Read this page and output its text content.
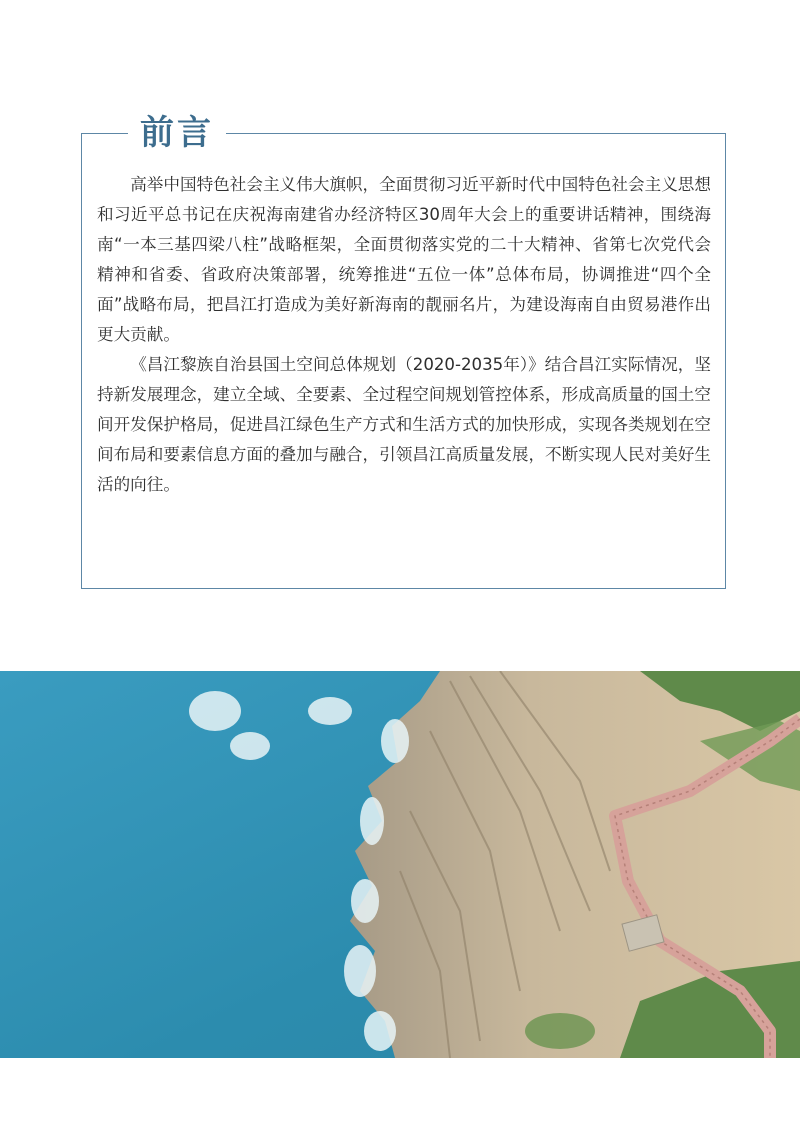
前言

高举中国特色社会主义伟大旗帜，全面贯彻习近平新时代中国特色社会主义思想和习近平总书记在庆祝海南建省办经济特区30周年大会上的重要讲话精神，围绕海南“一本三基四梁八柱”战略框架，全面贯彻落实党的二十大精神、省第七次党代会精神和省委、省政府决策部署，统筹推进“五位一体”总体布局，协调推进“四个全面”战略布局，把昌江打造成为美好新海南的靓丽名片，为建设海南自由贸易港作出更大贡献。

《昌江黎族自治县国土空间总体规划（2020-2035年）》结合昌江实际情况，坚持新发展理念，建立全域、全要素、全过程空间规划管控体系，形成高质量的国土空间开发保护格局，促进昌江绿色生产方式和生活方式的加快形成，实现各类规划在空间布局和要素信息方面的叠加与融合，引领昌江高质量发展，不断实现人民对美好生活的向往。
